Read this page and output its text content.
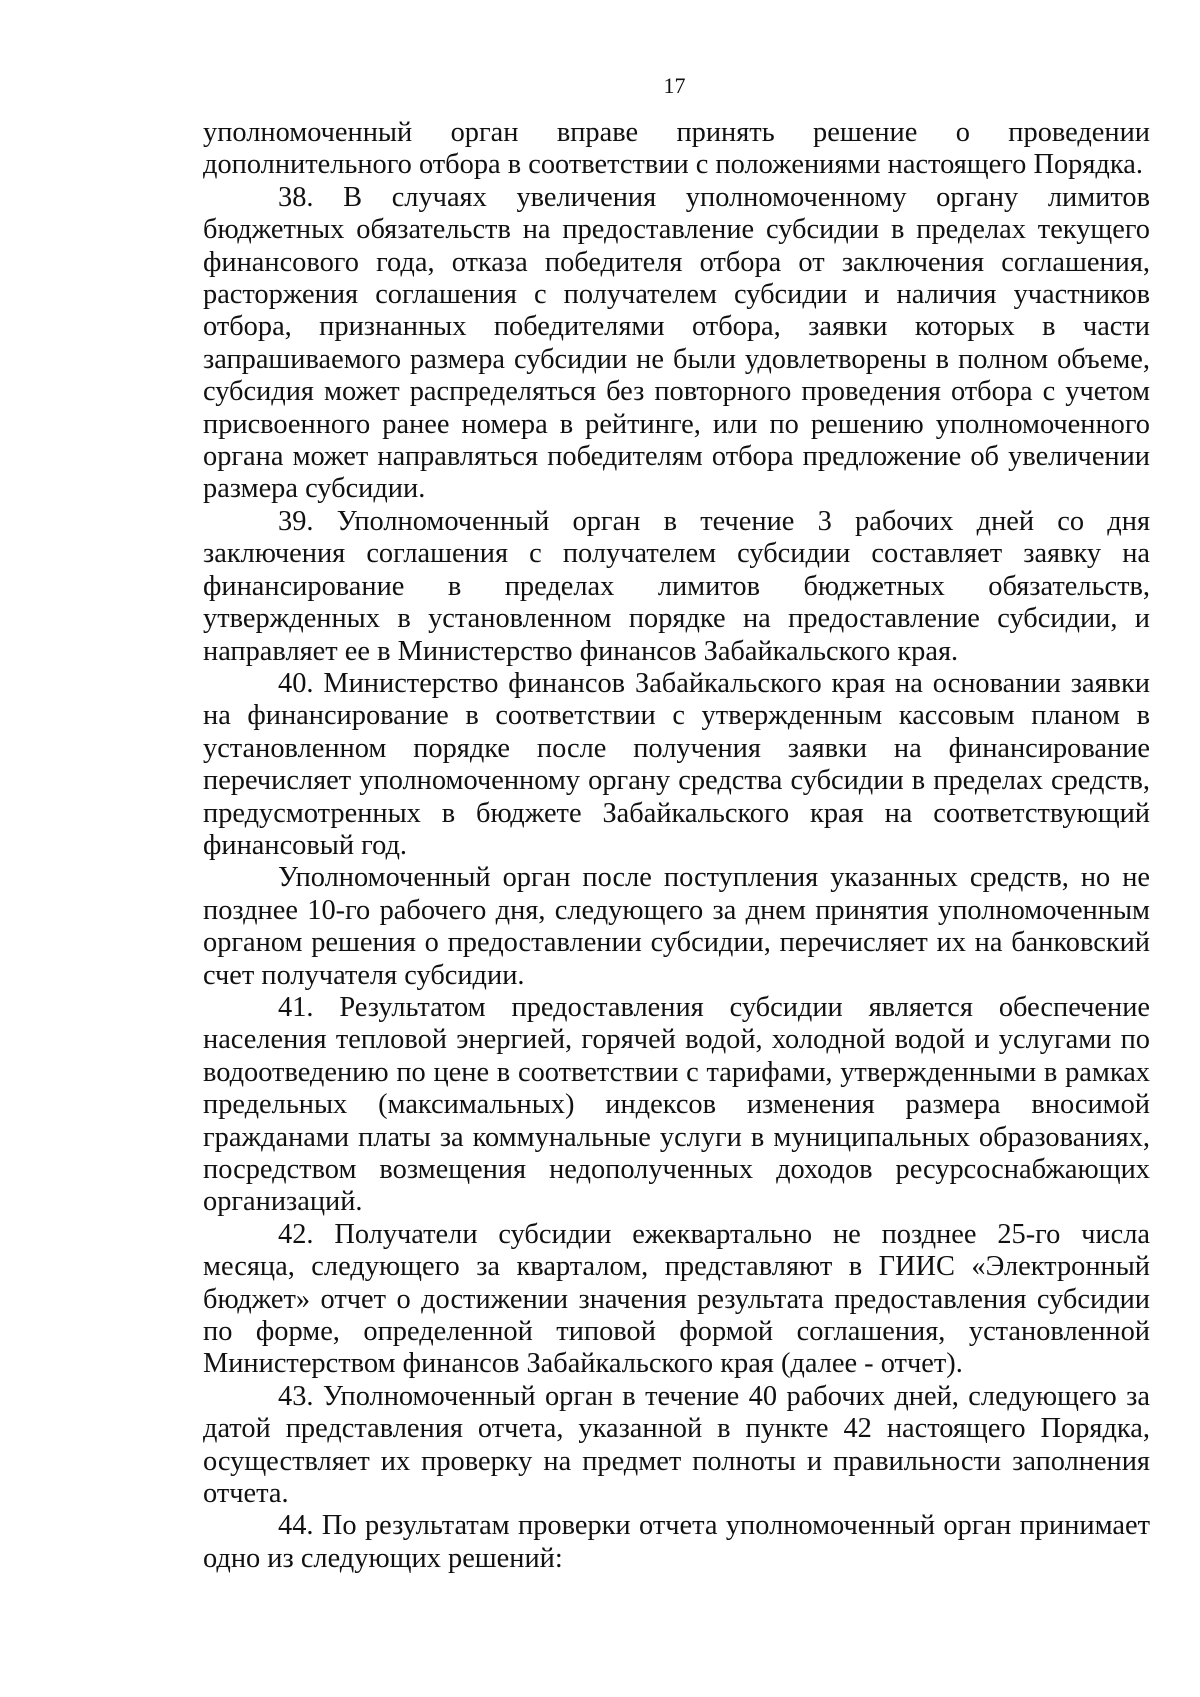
17

уполномоченный орган вправе принять решение о проведении дополнительного отбора в соответствии с положениями настоящего Порядка.

38. В случаях увеличения уполномоченному органу лимитов бюджетных обязательств на предоставление субсидии в пределах текущего финансового года, отказа победителя отбора от заключения соглашения, расторжения соглашения с получателем субсидии и наличия участников отбора, признанных победителями отбора, заявки которых в части запрашиваемого размера субсидии не были удовлетворены в полном объеме, субсидия может распределяться без повторного проведения отбора с учетом присвоенного ранее номера в рейтинге, или по решению уполномоченного органа может направляться победителям отбора предложение об увеличении размера субсидии.

39. Уполномоченный орган в течение 3 рабочих дней со дня заключения соглашения с получателем субсидии составляет заявку на финансирование в пределах лимитов бюджетных обязательств, утвержденных в установленном порядке на предоставление субсидии, и направляет ее в Министерство финансов Забайкальского края.

40. Министерство финансов Забайкальского края на основании заявки на финансирование в соответствии с утвержденным кассовым планом в установленном порядке после получения заявки на финансирование перечисляет уполномоченному органу средства субсидии в пределах средств, предусмотренных в бюджете Забайкальского края на соответствующий финансовый год.

Уполномоченный орган после поступления указанных средств, но не позднее 10-го рабочего дня, следующего за днем принятия уполномоченным органом решения о предоставлении субсидии, перечисляет их на банковский счет получателя субсидии.

41. Результатом предоставления субсидии является обеспечение населения тепловой энергией, горячей водой, холодной водой и услугами по водоотведению по цене в соответствии с тарифами, утвержденными в рамках предельных (максимальных) индексов изменения размера вносимой гражданами платы за коммунальные услуги в муниципальных образованиях, посредством возмещения недополученных доходов ресурсоснабжающих организаций.

42. Получатели субсидии ежеквартально не позднее 25-го числа месяца, следующего за кварталом, представляют в ГИИС «Электронный бюджет» отчет о достижении значения результата предоставления субсидии по форме, определенной типовой формой соглашения, установленной Министерством финансов Забайкальского края (далее - отчет).

43. Уполномоченный орган в течение 40 рабочих дней, следующего за датой представления отчета, указанной в пункте 42 настоящего Порядка, осуществляет их проверку на предмет полноты и правильности заполнения отчета.

44. По результатам проверки отчета уполномоченный орган принимает одно из следующих решений:
